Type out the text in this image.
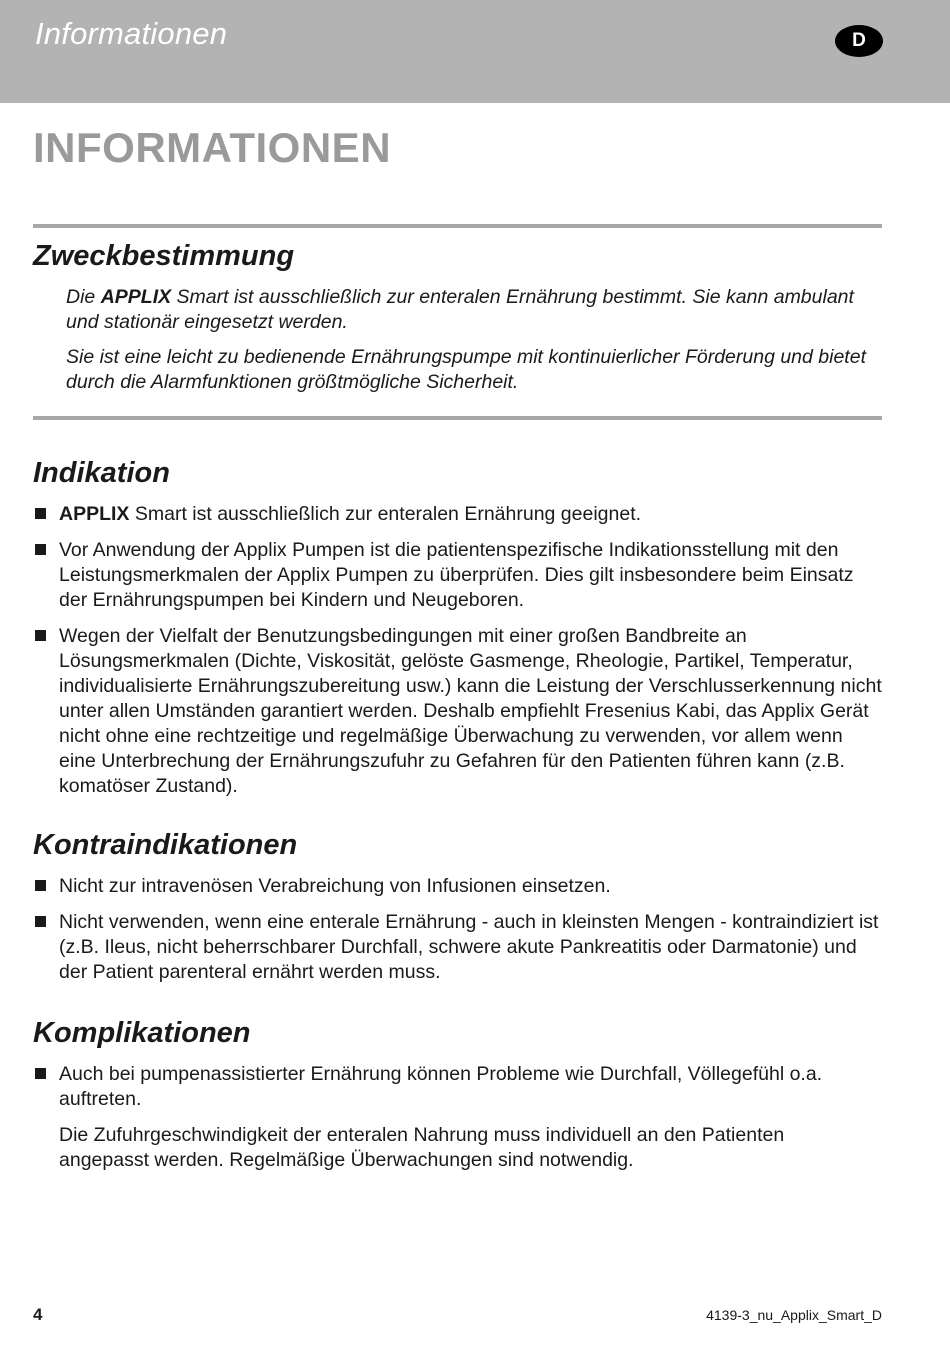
Informationen	D
INFORMATIONEN
Zweckbestimmung

Die APPLIX Smart ist ausschließlich zur enteralen Ernährung bestimmt. Sie kann ambulant und stationär eingesetzt werden.

Sie ist eine leicht zu bedienende Ernährungspumpe mit kontinuierlicher Förderung und bietet durch die Alarmfunktionen größtmögliche Sicherheit.

Indikation
APPLIX Smart ist ausschließlich zur enteralen Ernährung geeignet.
Vor Anwendung der Applix Pumpen ist die patientenspezifische Indikationsstellung mit den Leistungsmerkmalen der Applix Pumpen zu überprüfen. Dies gilt insbesondere beim Einsatz der Ernährungspumpen bei Kindern und Neugeboren.
Wegen der Vielfalt der Benutzungsbedingungen mit einer großen Bandbreite an Lösungsmerkmalen (Dichte, Viskosität, gelöste Gasmenge, Rheologie, Partikel, Temperatur, individualisierte Ernährungszubereitung usw.) kann die Leistung der Verschlusserkennung nicht unter allen Umständen garantiert werden. Deshalb empfiehlt Fresenius Kabi, das Applix Gerät nicht ohne eine rechtzeitige und regelmäßige Überwachung zu verwenden, vor allem wenn eine Unterbrechung der Ernährungszufuhr zu Gefahren für den Patienten führen kann (z.B. komatöser Zustand).
Kontraindikationen
Nicht zur intravenösen Verabreichung von Infusionen einsetzen.
Nicht verwenden, wenn eine enterale Ernährung - auch in kleinsten Mengen - kontraindiziert ist (z.B. Ileus, nicht beherrschbarer Durchfall, schwere akute Pankreatitis oder Darmatonie) und der Patient parenteral ernährt werden muss.
Komplikationen
Auch bei pumpenassistierter Ernährung können Probleme wie Durchfall, Völlegefühl o.a. auftreten.

Die Zufuhrgeschwindigkeit der enteralen Nahrung muss individuell an den Patienten angepasst werden. Regelmäßige Überwachungen sind notwendig.

4	4139-3_nu_Applix_Smart_D
